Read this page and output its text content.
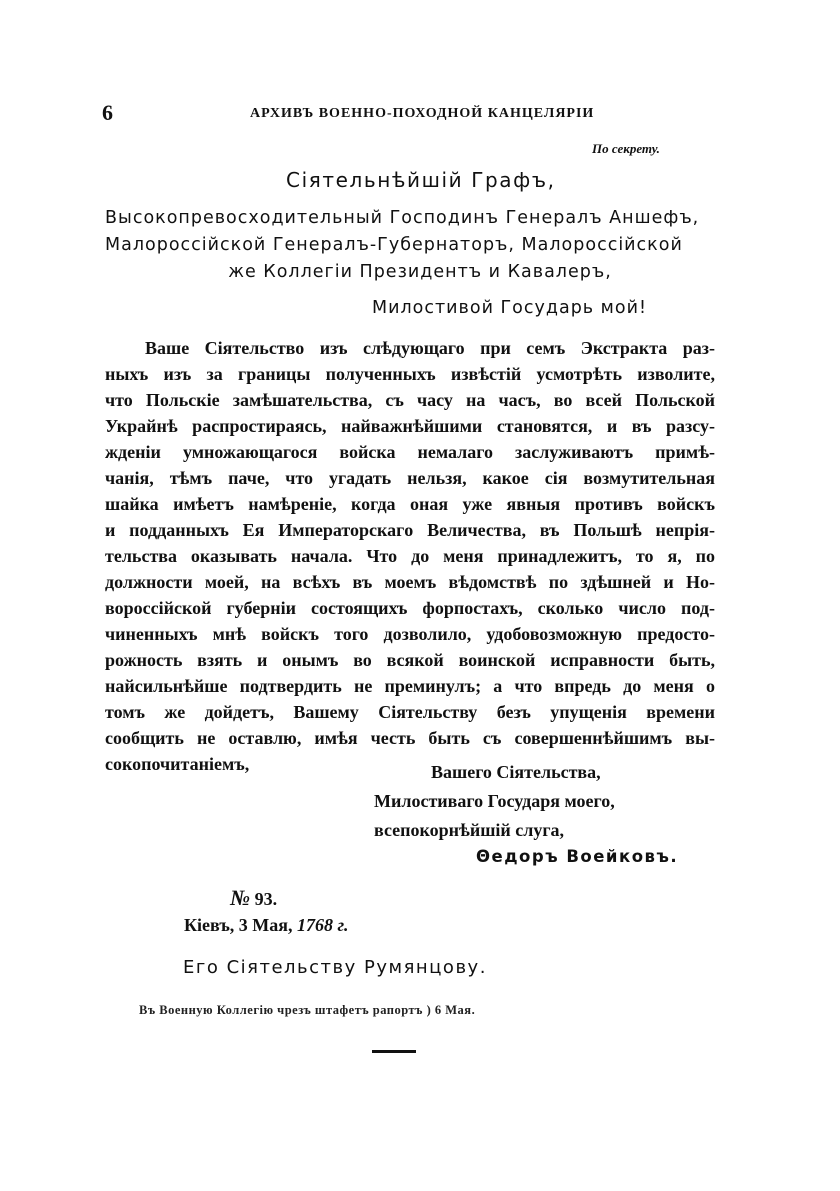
6	АРХИВЪ ВОЕННО-ПОХОДНОЙ КАНЦЕЛЯРІИ
По секрету.
Сіятельнѣйшій Графъ,
Высокопревосходительный Господинъ Генералъ Аншефъ,
Малороссійской Генералъ-Губернаторъ, Малороссійской
же Коллегіи Президентъ и Кавалеръ,
Милостивой Государь мой!
Ваше Сіятельство изъ слѣдующаго при семъ Экстракта раз-
ныхъ изъ за границы полученныхъ извѣстій усмотрѣть изволите,
что Польскіе замѣшательства, съ часу на часъ, во всей Польской
Украйнѣ распростираясь, найважнѣйшими становятся, и въ разсу-
жденіи умножающагося войска немалаго заслуживаютъ примѣ-
чанія, тѣмъ паче, что угадать нельзя, какое сія возмутительная
шайка имѣетъ намѣреніе, когда оная уже явныя противъ войскъ
и подданныхъ Ея Императорскагo Величества, въ Польшѣ непрія-
тельства оказывать начала. Что до меня принадлежитъ, то я, по
должности моей, на всѣхъ въ моемъ вѣдомствѣ по здѣшней и Но-
вороссійской губерніи состоящихъ форпостахъ, сколько число под-
чиненныхъ мнѣ войскъ того дозволило, удобовозможную предосто-
рожность взять и онымъ во всякой воинской исправности быть,
найсильнѣйше подтвердить не преминулъ; а что впредь до меня о
томъ же дойдетъ, Вашему Сіятельству безъ упущенія времени
сообщить не оставлю, имѣя честь быть съ совершеннѣйшимъ вы-
сокопочитаніемъ,	Вашего Сіятельства,
Милостиваго Государя моего,
всепокорнѣйшій слуга,
Θедоръ Воейковъ.
№ 93.
Кіевъ, 3 Мая, 1768 г.
Его Сіятельству Румянцову.
Въ Военную Коллегію чрезъ штафетъ рапортъ ) 6 Мая.
